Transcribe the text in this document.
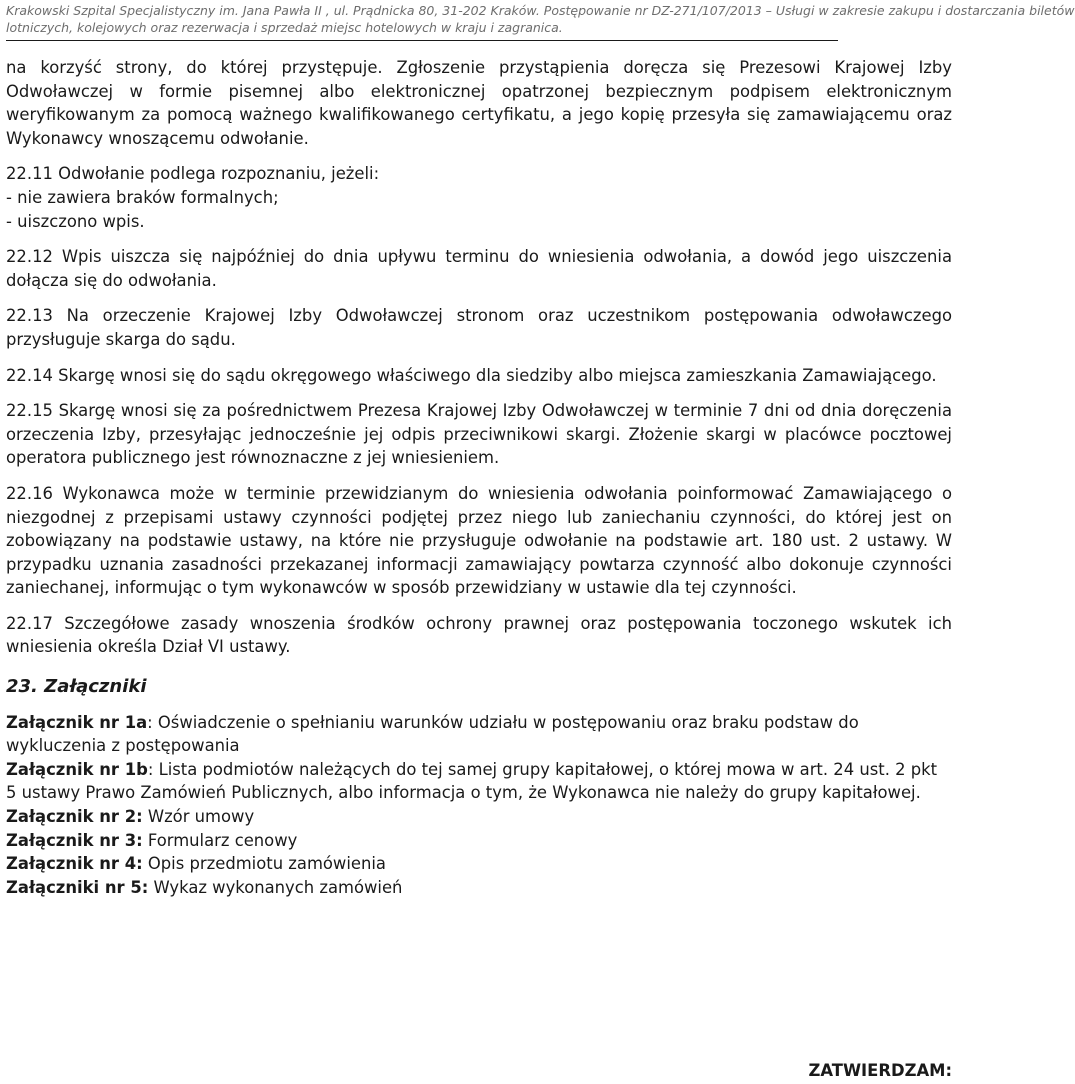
Krakowski Szpital Specjalistyczny im. Jana Pawła II , ul. Prądnicka 80, 31-202 Kraków. Postępowanie nr DZ-271/107/2013 – Usługi w zakresie zakupu i dostarczania biletów
lotniczych, kolejowych oraz rezerwacja i sprzedaż miejsc hotelowych w kraju i zagranica.

na korzyść strony, do której przystępuje. Zgłoszenie przystąpienia doręcza się Prezesowi Krajowej Izby Odwoławczej w formie pisemnej albo elektronicznej opatrzonej bezpiecznym podpisem elektronicznym weryfikowanym za pomocą ważnego kwalifikowanego certyfikatu, a jego kopię przesyła się zamawiającemu oraz Wykonawcy wnoszącemu odwołanie.

22.11 Odwołanie podlega rozpoznaniu, jeżeli:

- nie zawiera braków formalnych;

- uiszczono wpis.

22.12 Wpis uiszcza się najpóźniej do dnia upływu terminu do wniesienia odwołania, a dowód jego uiszczenia dołącza się do odwołania.

22.13 Na orzeczenie Krajowej Izby Odwoławczej stronom oraz uczestnikom postępowania odwoławczego przysługuje skarga do sądu.

22.14 Skargę wnosi się do sądu okręgowego właściwego dla siedziby albo miejsca zamieszkania Zamawiającego.

22.15 Skargę wnosi się za pośrednictwem Prezesa Krajowej Izby Odwoławczej w terminie 7 dni od dnia doręczenia orzeczenia Izby, przesyłając jednocześnie jej odpis przeciwnikowi skargi. Złożenie skargi w placówce pocztowej operatora publicznego jest równoznaczne z jej wniesieniem.

22.16 Wykonawca może w terminie przewidzianym do wniesienia odwołania poinformować Zamawiającego o niezgodnej z przepisami ustawy czynności podjętej przez niego lub zaniechaniu czynności, do której jest on zobowiązany na podstawie ustawy, na które nie przysługuje odwołanie na podstawie art. 180 ust. 2 ustawy. W przypadku uznania zasadności przekazanej informacji zamawiający powtarza czynność albo dokonuje czynności zaniechanej, informując o tym wykonawców w sposób przewidziany w ustawie dla tej czynności.

22.17 Szczegółowe zasady wnoszenia środków ochrony prawnej oraz postępowania toczonego wskutek ich wniesienia określa Dział VI ustawy.

23. Załączniki

Załącznik nr 1a: Oświadczenie o spełnianiu warunków udziału w postępowaniu oraz braku podstaw do wykluczenia z postępowania

Załącznik nr 1b: Lista podmiotów należących do tej samej grupy kapitałowej, o której mowa w art. 24 ust. 2 pkt 5 ustawy Prawo Zamówień Publicznych, albo informacja o tym, że Wykonawca nie należy do grupy kapitałowej.

Załącznik nr 2: Wzór umowy

Załącznik nr 3: Formularz cenowy

Załącznik nr 4: Opis przedmiotu zamówienia

Załączniki nr 5: Wykaz wykonanych zamówień

ZATWIERDZAM:
